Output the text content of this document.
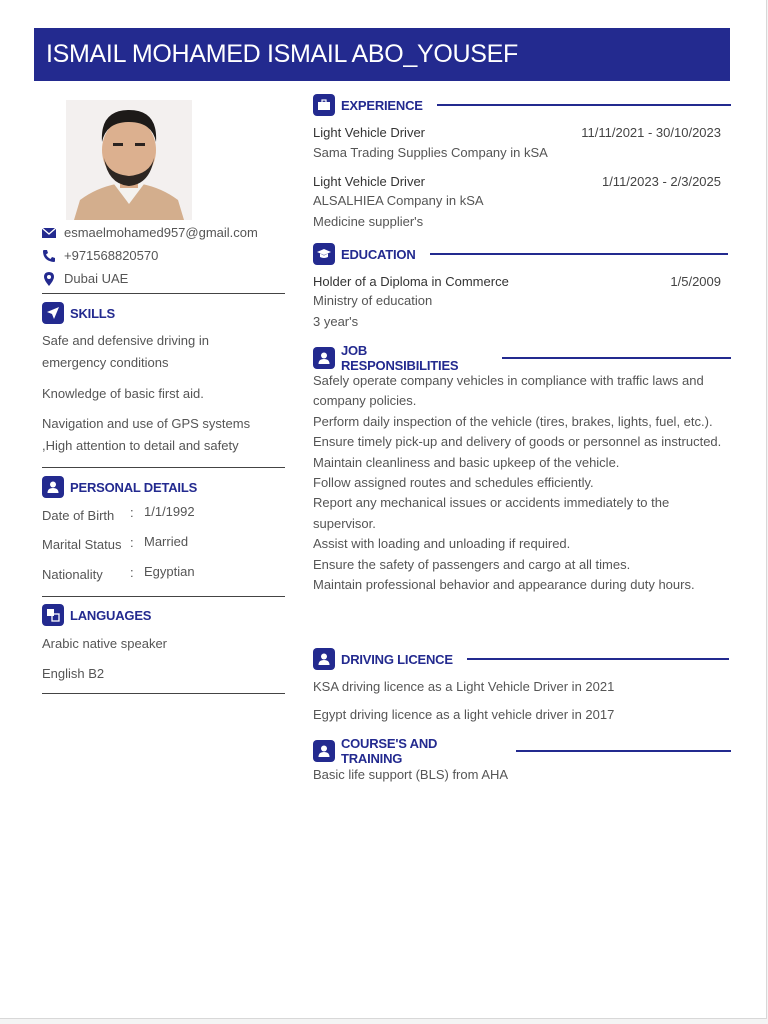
ISMAIL MOHAMED ISMAIL ABO_YOUSEF
esmaelmohamed957@gmail.com
+971568820570
Dubai UAE
SKILLS
Safe and defensive driving in emergency conditions
Knowledge of basic first aid.
Navigation and use of GPS systems ,High attention to detail and safety
PERSONAL DETAILS
Date of Birth : 1/1/1992
Marital Status : Married
Nationality : Egyptian
LANGUAGES
Arabic native speaker
English B2
EXPERIENCE
Light Vehicle Driver	11/11/2021 - 30/10/2023
Sama Trading Supplies Company in kSA
Light Vehicle Driver	1/11/2023 - 2/3/2025
ALSALHIEA Company in kSA
Medicine supplier's
EDUCATION
Holder of a Diploma in Commerce	1/5/2009
Ministry of education
3 year's
JOB RESPONSIBILITIES
Safely operate company vehicles in compliance with traffic laws and company policies.
Perform daily inspection of the vehicle (tires, brakes, lights, fuel, etc.).
Ensure timely pick-up and delivery of goods or personnel as instructed.
Maintain cleanliness and basic upkeep of the vehicle.
Follow assigned routes and schedules efficiently.
Report any mechanical issues or accidents immediately to the supervisor.
Assist with loading and unloading if required.
Ensure the safety of passengers and cargo at all times.
Maintain professional behavior and appearance during duty hours.
DRIVING LICENCE
KSA driving licence as a Light Vehicle Driver in 2021
Egypt driving licence as a light vehicle driver in 2017
COURSE'S AND TRAINING
Basic life support (BLS) from AHA
